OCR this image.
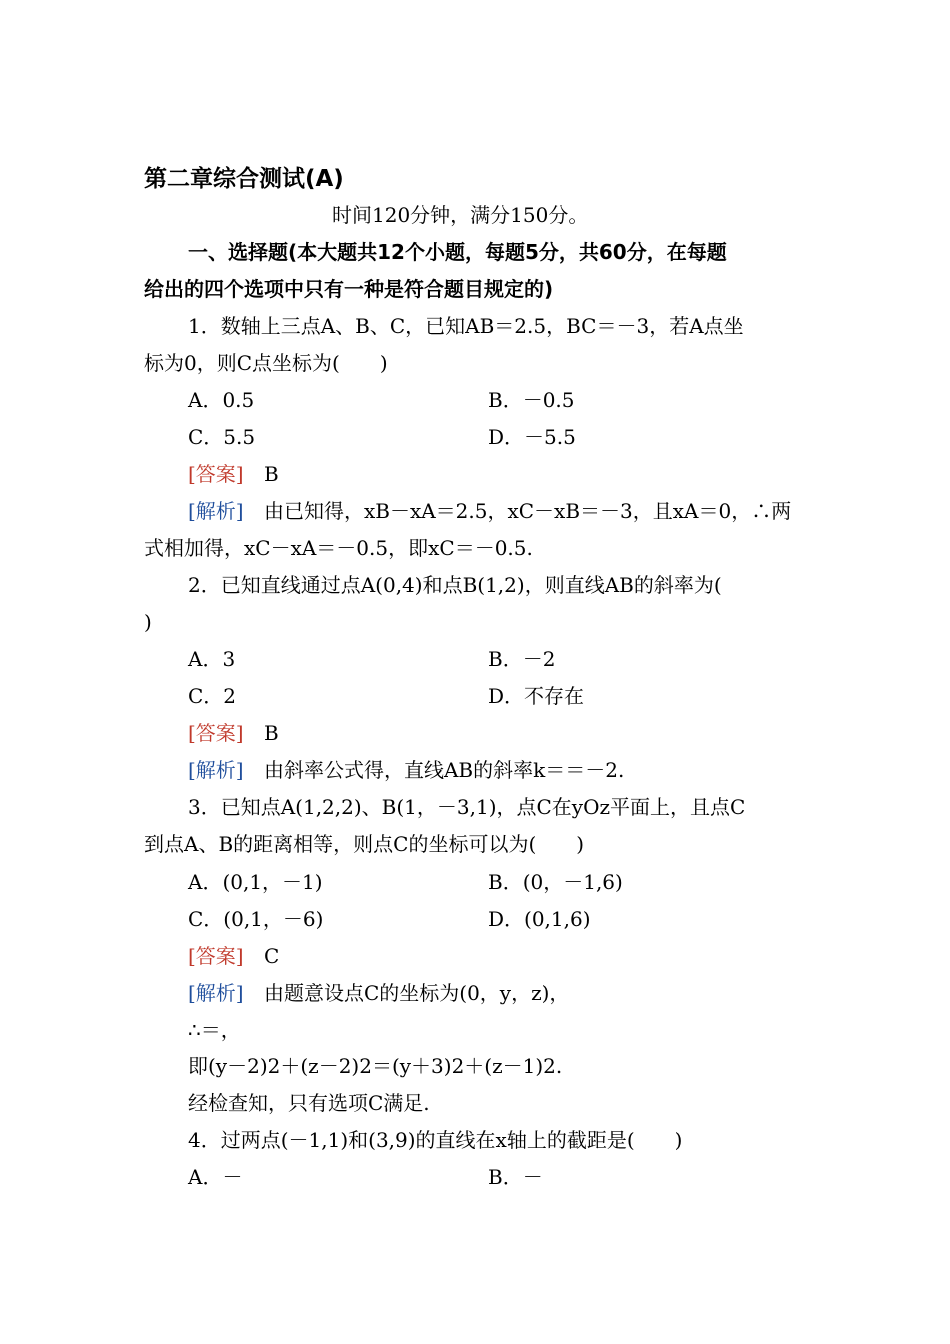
第二章综合测试(A)
时间120分钟，满分150分。
一、选择题(本大题共12个小题，每题5分，共60分，在每题
给出的四个选项中只有一种是符合题目规定的)
1．数轴上三点A、B、C，已知AB＝2.5，BC＝－3，若A点坐
标为0，则C点坐标为(　　)
A．0.5	B．－0.5
C．5.5	D．－5.5
[答案] B
[解析] 由已知得，xB－xA＝2.5，xC－xB＝－3，且xA＝0，∴两
式相加得，xC－xA＝－0.5，即xC＝－0.5.
2．已知直线通过点A(0,4)和点B(1,2)，则直线AB的斜率为(
)
A．3	B．－2
C．2	D．不存在
[答案] B
[解析] 由斜率公式得，直线AB的斜率k＝＝－2.
3．已知点A(1,2,2)、B(1，－3,1)，点C在yOz平面上，且点C
到点A、B的距离相等，则点C的坐标可以为(　　)
A．(0,1，－1)	B．(0，－1,6)
C．(0,1，－6)	D．(0,1,6)
[答案] C
[解析] 由题意设点C的坐标为(0，y，z)，
∴＝，
即(y－2)2＋(z－2)2＝(y＋3)2＋(z－1)2.
经检查知，只有选项C满足.
4．过两点(－1,1)和(3,9)的直线在x轴上的截距是(　　)
A．－	B．－
